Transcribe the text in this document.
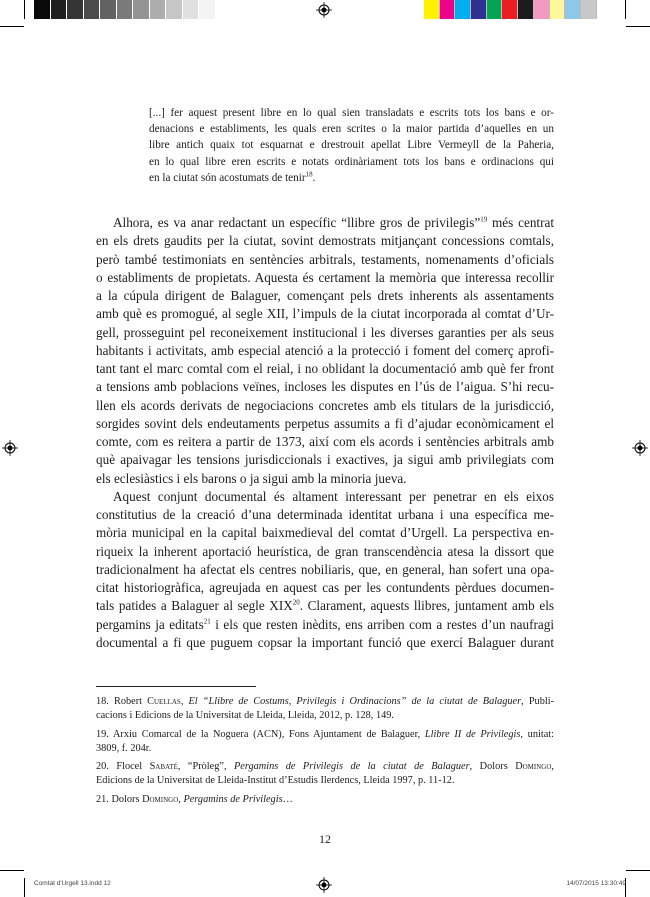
[...] fer aquest present libre en lo qual sien transladats e escrits tots los bans e or-
denacions e establiments, les quals eren scrites o la maior partida d’aquelles en un
libre antich quaix tot esquarnat e drestrouit apellat Libre Vermeyll de la Paheria,
en lo qual libre eren escrits e notats ordinàriament tots los bans e ordinacions qui
en la ciutat són acostumats de tenir$^{18}$.
Alhora, es va anar redactant un específic “llibre gros de privilegis”$^{19}$ més centrat
en els drets gaudits per la ciutat, sovint demostrats mitjançant concessions comtals,
però també testimoniats en sentències arbitrals, testaments, nomenaments d’oficials
o establiments de propietats. Aquesta és certament la memòria que interessa recollir
a la cúpula dirigent de Balaguer, començant pels drets inherents als assentaments
amb què es promogué, al segle XII, l’impuls de la ciutat incorporada al comtat d’Ur-
gell, prosseguint pel reconeixement institucional i les diverses garanties per als seus
habitants i activitats, amb especial atenció a la protecció i foment del comerç aprofi-
tant tant el marc comtal com el reial, i no oblidant la documentació amb què fer front
a tensions amb poblacions veïnes, incloses les disputes en l’ús de l’aigua. S’hi recu-
llen els acords derivats de negociacions concretes amb els titulars de la jurisdicció,
sorgides sovint dels endeutaments perpetus assumits a fi d’ajudar econòmicament el
comte, com es reitera a partir de 1373, així com els acords i sentències arbitrals amb
què apaivagar les tensions jurisdiccionals i exactives, ja sigui amb privilegiats com
els eclesiàstics i els barons o ja sigui amb la minoria jueva.
Aquest conjunt documental és altament interessant per penetrar en els eixos
constitutius de la creació d’una determinada identitat urbana i una específica me-
mòria municipal en la capital baixmedieval del comtat d’Urgell. La perspectiva en-
riqueix la inherent aportació heurística, de gran transcendència atesa la dissort que
tradicionalment ha afectat els centres nobiliaris, que, en general, han sofert una opa-
citat historiogràfica, agreujada en aquest cas per les contundents pèrdues documen-
tals patides a Balaguer al segle XIX$^{20}$. Clarament, aquests llibres, juntament amb els
pergamins ja editats$^{21}$ i els que resten inèdits, ens arriben com a restes d’un naufragi
documental a fi que puguem copsar la important funció que exercí Balaguer durant
18. Robert Cuellas, El “Llibre de Costums, Privilegis i Ordinacions” de la ciutat de Balaguer, Publi-
cacions i Edicions de la Universitat de Lleida, Lleida, 2012, p. 128, 149.
19. Arxiu Comarcal de la Noguera (ACN), Fons Ajuntament de Balaguer, Llibre II de Privilegis, unitat:
3809, f. 204r.
20. Flocel Sabaté, “Pròleg”, Pergamins de Privilegis de la ciutat de Balaguer, Dolors Domingo,
Edicions de la Universitat de Lleida-Institut d’Estudis Ilerdencs, Lleida 1997, p. 11-12.
21. Dolors Domingo, Pergamins de Privilegis…
12
Comtat d'Urgell 13.indd 12	14/07/2015 13:30:49
